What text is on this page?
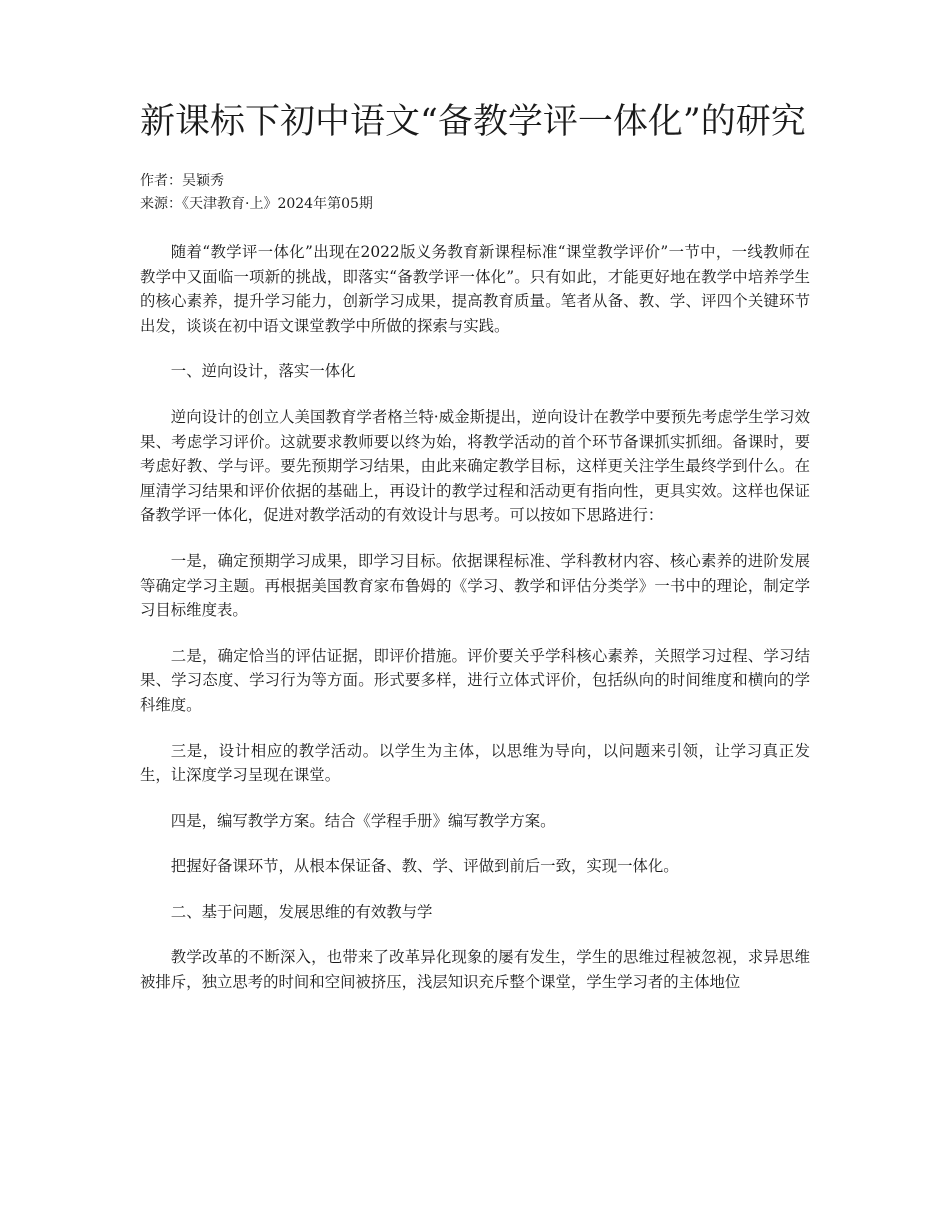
新课标下初中语文“备教学评一体化”的研究
作者：吴颖秀
来源：《天津教育·上》2024年第05期

随着“教学评一体化”出现在2022版义务教育新课程标准“课堂教学评价”一节中，一线教师在教学中又面临一项新的挑战，即落实“备教学评一体化”。只有如此，才能更好地在教学中培养学生的核心素养，提升学习能力，创新学习成果，提高教育质量。笔者从备、教、学、评四个关键环节出发，谈谈在初中语文课堂教学中所做的探索与实践。

一、逆向设计，落实一体化

逆向设计的创立人美国教育学者格兰特·威金斯提出，逆向设计在教学中要预先考虑学生学习效果、考虑学习评价。这就要求教师要以终为始，将教学活动的首个环节备课抓实抓细。备课时，要考虑好教、学与评。要先预期学习结果，由此来确定教学目标，这样更关注学生最终学到什么。在厘清学习结果和评价依据的基础上，再设计的教学过程和活动更有指向性，更具实效。这样也保证备教学评一体化，促进对教学活动的有效设计与思考。可以按如下思路进行：

一是，确定预期学习成果，即学习目标。依据课程标准、学科教材内容、核心素养的进阶发展等确定学习主题。再根据美国教育家布鲁姆的《学习、教学和评估分类学》一书中的理论，制定学习目标维度表。

二是，确定恰当的评估证据，即评价措施。评价要关乎学科核心素养，关照学习过程、学习结果、学习态度、学习行为等方面。形式要多样，进行立体式评价，包括纵向的时间维度和横向的学科维度。

三是，设计相应的教学活动。以学生为主体，以思维为导向，以问题来引领，让学习真正发生，让深度学习呈现在课堂。

四是，编写教学方案。结合《学程手册》编写教学方案。

把握好备课环节，从根本保证备、教、学、评做到前后一致，实现一体化。

二、基于问题，发展思维的有效教与学

教学改革的不断深入，也带来了改革异化现象的屡有发生，学生的思维过程被忽视，求异思维被排斥，独立思考的时间和空间被挤压，浅层知识充斥整个课堂，学生学习者的主体地位
